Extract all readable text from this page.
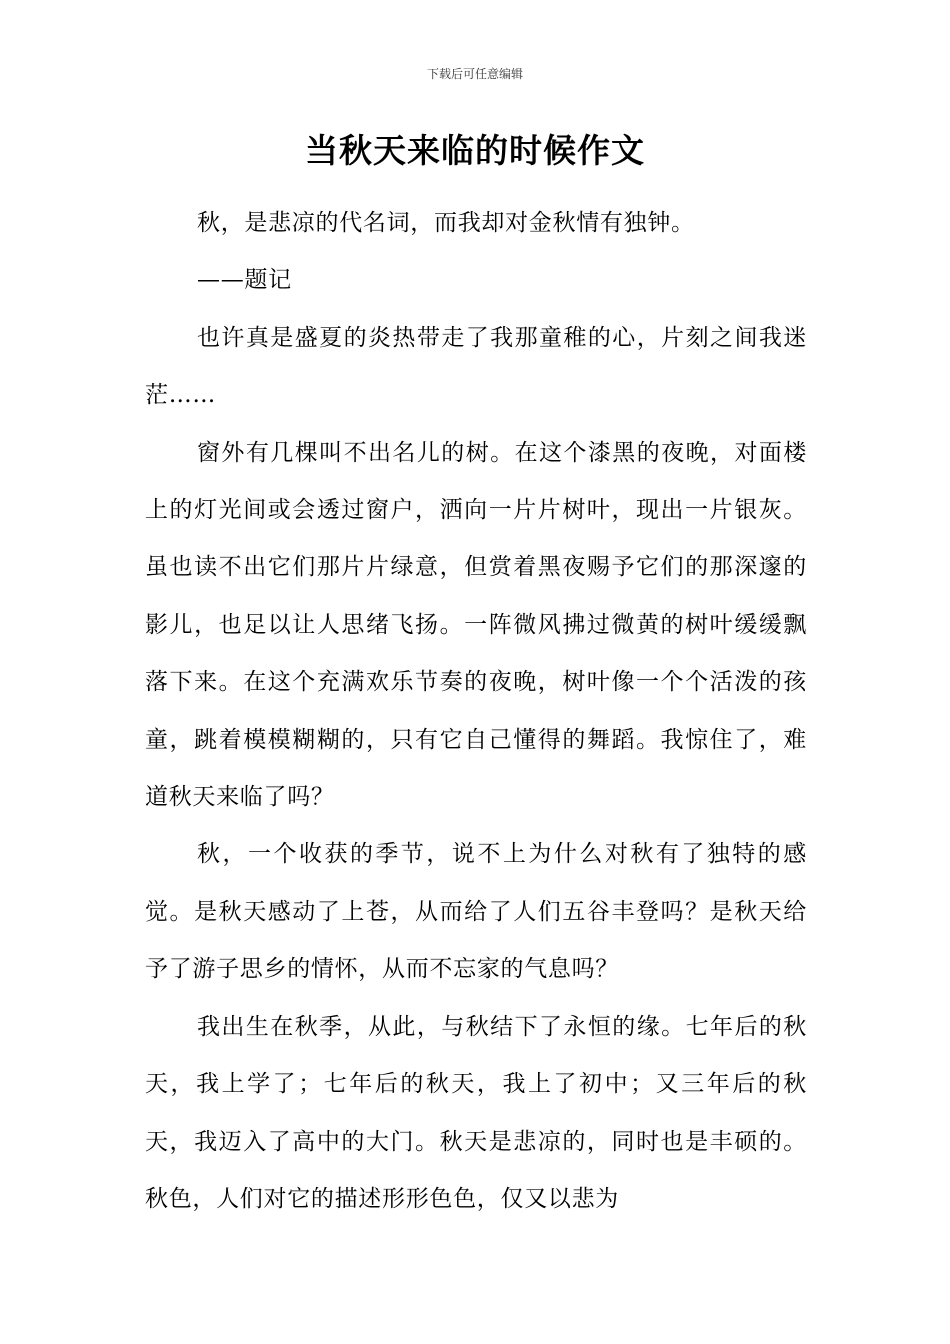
下载后可任意编辑
当秋天来临的时候作文

秋，是悲凉的代名词，而我却对金秋情有独钟。

——题记

也许真是盛夏的炎热带走了我那童稚的心，片刻之间我迷茫……

窗外有几棵叫不出名儿的树。在这个漆黑的夜晚，对面楼上的灯光间或会透过窗户，洒向一片片树叶，现出一片银灰。虽也读不出它们那片片绿意，但赏着黑夜赐予它们的那深邃的影儿，也足以让人思绪飞扬。一阵微风拂过微黄的树叶缓缓飘落下来。在这个充满欢乐节奏的夜晚，树叶像一个个活泼的孩童，跳着模模糊糊的，只有它自己懂得的舞蹈。我惊住了，难道秋天来临了吗？

秋，一个收获的季节，说不上为什么对秋有了独特的感觉。是秋天感动了上苍，从而给了人们五谷丰登吗？是秋天给予了游子思乡的情怀，从而不忘家的气息吗？

我出生在秋季，从此，与秋结下了永恒的缘。七年后的秋天，我上学了；七年后的秋天，我上了初中；又三年后的秋天，我迈入了高中的大门。秋天是悲凉的，同时也是丰硕的。秋色，人们对它的描述形形色色，仅又以悲为
